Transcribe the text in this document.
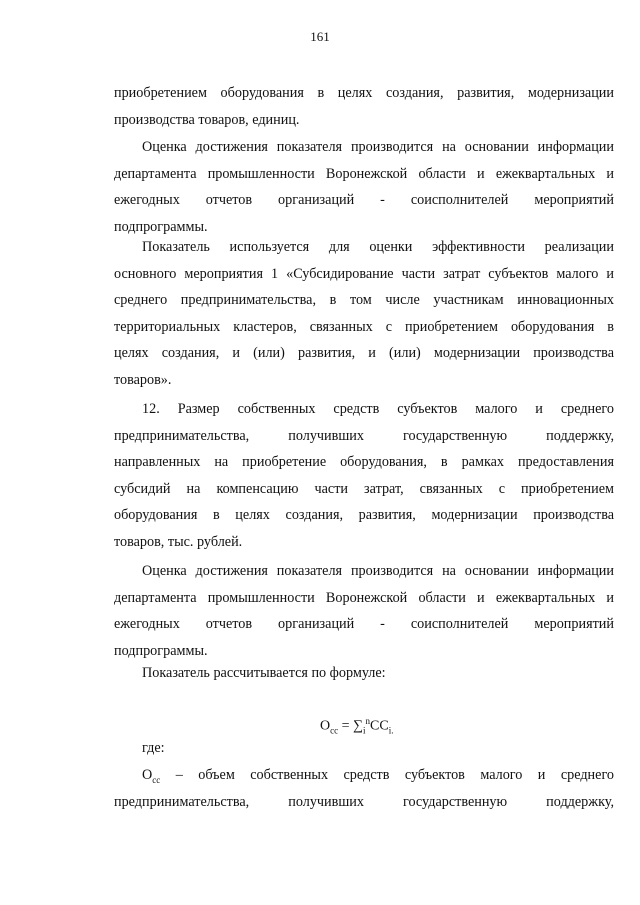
161
приобретением оборудования в целях создания, развития, модернизации
производства товаров, единиц.
Оценка достижения показателя производится на основании информации
департамента промышленности Воронежской области и ежеквартальных и
ежегодных отчетов организаций - соисполнителей мероприятий
подпрограммы.
Показатель используется для оценки эффективности реализации
основного мероприятия 1 «Субсидирование части затрат субъектов малого и
среднего предпринимательства, в том числе участникам инновационных
территориальных кластеров, связанных с приобретением оборудования в
целях создания, и (или) развития, и (или) модернизации производства
товаров».
12. Размер собственных средств субъектов малого и среднего
предпринимательства, получивших государственную поддержку,
направленных на приобретение оборудования, в рамках предоставления
субсидий на компенсацию части затрат, связанных с приобретением
оборудования в целях создания, развития, модернизации производства
товаров, тыс. рублей.
Оценка достижения показателя производится на основании информации
департамента промышленности Воронежской области и ежеквартальных и
ежегодных отчетов организаций - соисполнителей мероприятий
подпрограммы.
Показатель рассчитывается по формуле:
$О_{сс} = \sum_i^nСС_{i.}$
где:
$О_{сс}$ – объем собственных средств субъектов малого и среднего
предпринимательства, получивших государственную поддержку,
